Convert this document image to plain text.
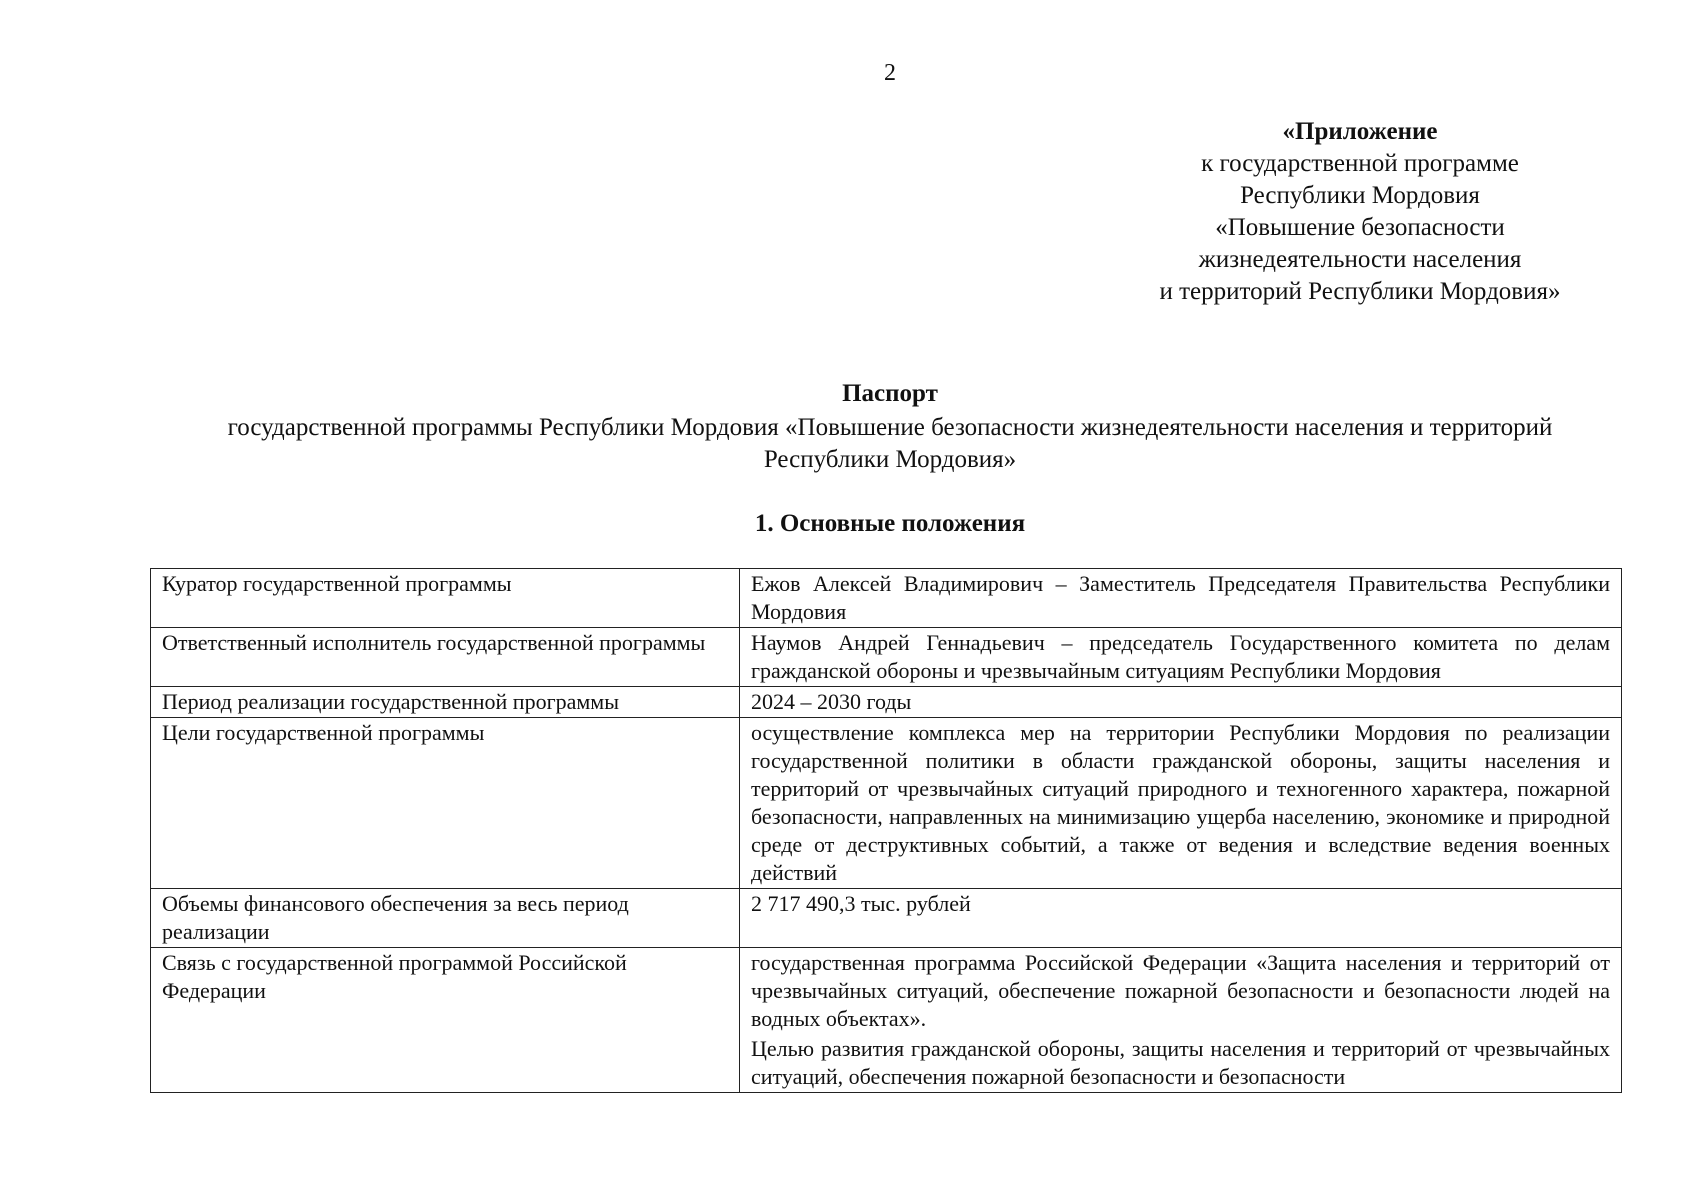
2
«Приложение
к государственной программе
Республики Мордовия
«Повышение безопасности
жизнедеятельности населения
и территорий Республики Мордовия»
Паспорт
государственной программы Республики Мордовия «Повышение безопасности жизнедеятельности населения и территорий Республики Мордовия»
1. Основные положения
Куратор государственной программы	Ежов Алексей Владимирович – Заместитель Председателя Правительства Республики Мордовия
Ответственный исполнитель государственной программы	Наумов Андрей Геннадьевич – председатель Государственного комитета по делам гражданской обороны и чрезвычайным ситуациям Республики Мордовия
Период реализации государственной программы	2024 – 2030 годы
Цели государственной программы	осуществление комплекса мер на территории Республики Мордовия по реализации государственной политики в области гражданской обороны, защиты населения и территорий от чрезвычайных ситуаций природного и техногенного характера, пожарной безопасности, направленных на минимизацию ущерба населению, экономике и природной среде от деструктивных событий, а также от ведения и вследствие ведения военных действий
Объемы финансового обеспечения за весь период реализации	2 717 490,3 тыс. рублей
Связь с государственной программой Российской Федерации	государственная программа Российской Федерации «Защита населения и территорий от чрезвычайных ситуаций, обеспечение пожарной безопасности и безопасности людей на водных объектах».
Целью развития гражданской обороны, защиты населения и территорий от чрезвычайных ситуаций, обеспечения пожарной безопасности и безопасности
